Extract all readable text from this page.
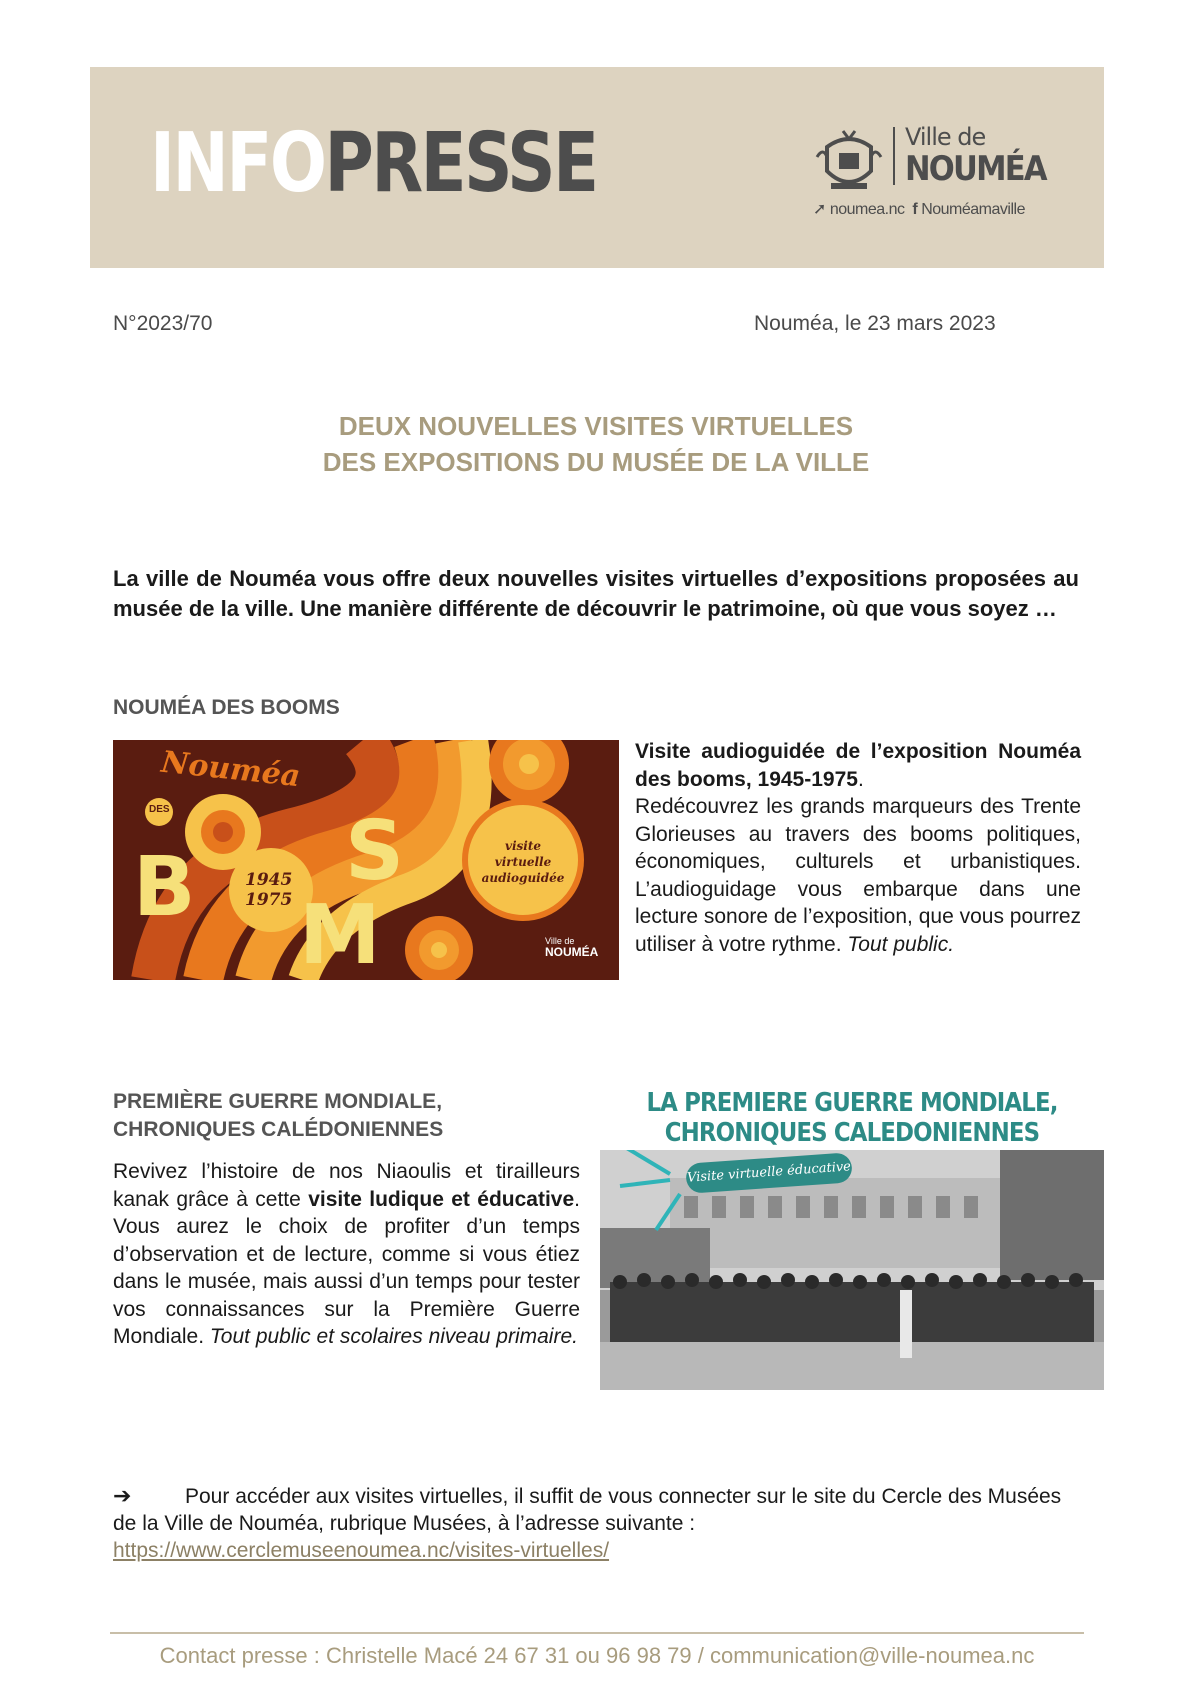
INFO PRESSE	Ville de
NOUMÉA
➚ noumea.nc f Nouméamaville
N°2023/70	Nouméa, le 23 mars 2023
DEUX NOUVELLES VISITES VIRTUELLES
DES EXPOSITIONS DU MUSÉE DE LA VILLE
La ville de Nouméa vous offre deux nouvelles visites virtuelles d’expositions proposées au musée de la ville. Une manière différente de découvrir le patrimoine, où que vous soyez …
NOUMÉA DES BOOMS
Nouméa
DES
B S
M
1945
1975
visite
virtuelle
audioguidée
Ville de
NOUMÉA
Visite audioguidée de l’exposition Nouméa des booms, 1945-1975.
Redécouvrez les grands marqueurs des Trente Glorieuses au travers des booms politiques, économiques, culturels et urbanistiques. L’audioguidage vous embarque dans une lecture sonore de l’exposition, que vous pourrez utiliser à votre rythme. Tout public.
PREMIÈRE GUERRE MONDIALE,
CHRONIQUES CALÉDONIENNES
LA PREMIERE GUERRE MONDIALE,
CHRONIQUES CALEDONIENNES
Visite virtuelle éducative
Revivez l’histoire de nos Niaoulis et tirailleurs kanak grâce à cette visite ludique et éducative. Vous aurez le choix de profiter d’un temps d’observation et de lecture, comme si vous étiez dans le musée, mais aussi d’un temps pour tester vos connaissances sur la Première Guerre Mondiale. Tout public et scolaires niveau primaire.
➔	Pour accéder aux visites virtuelles, il suffit de vous connecter sur le site du Cercle des Musées de la Ville de Nouméa, rubrique Musées, à l’adresse suivante :
https://www.cerclemuseenoumea.nc/visites-virtuelles/
Contact presse : Christelle Macé 24 67 31 ou 96 98 79 / communication@ville-noumea.nc
